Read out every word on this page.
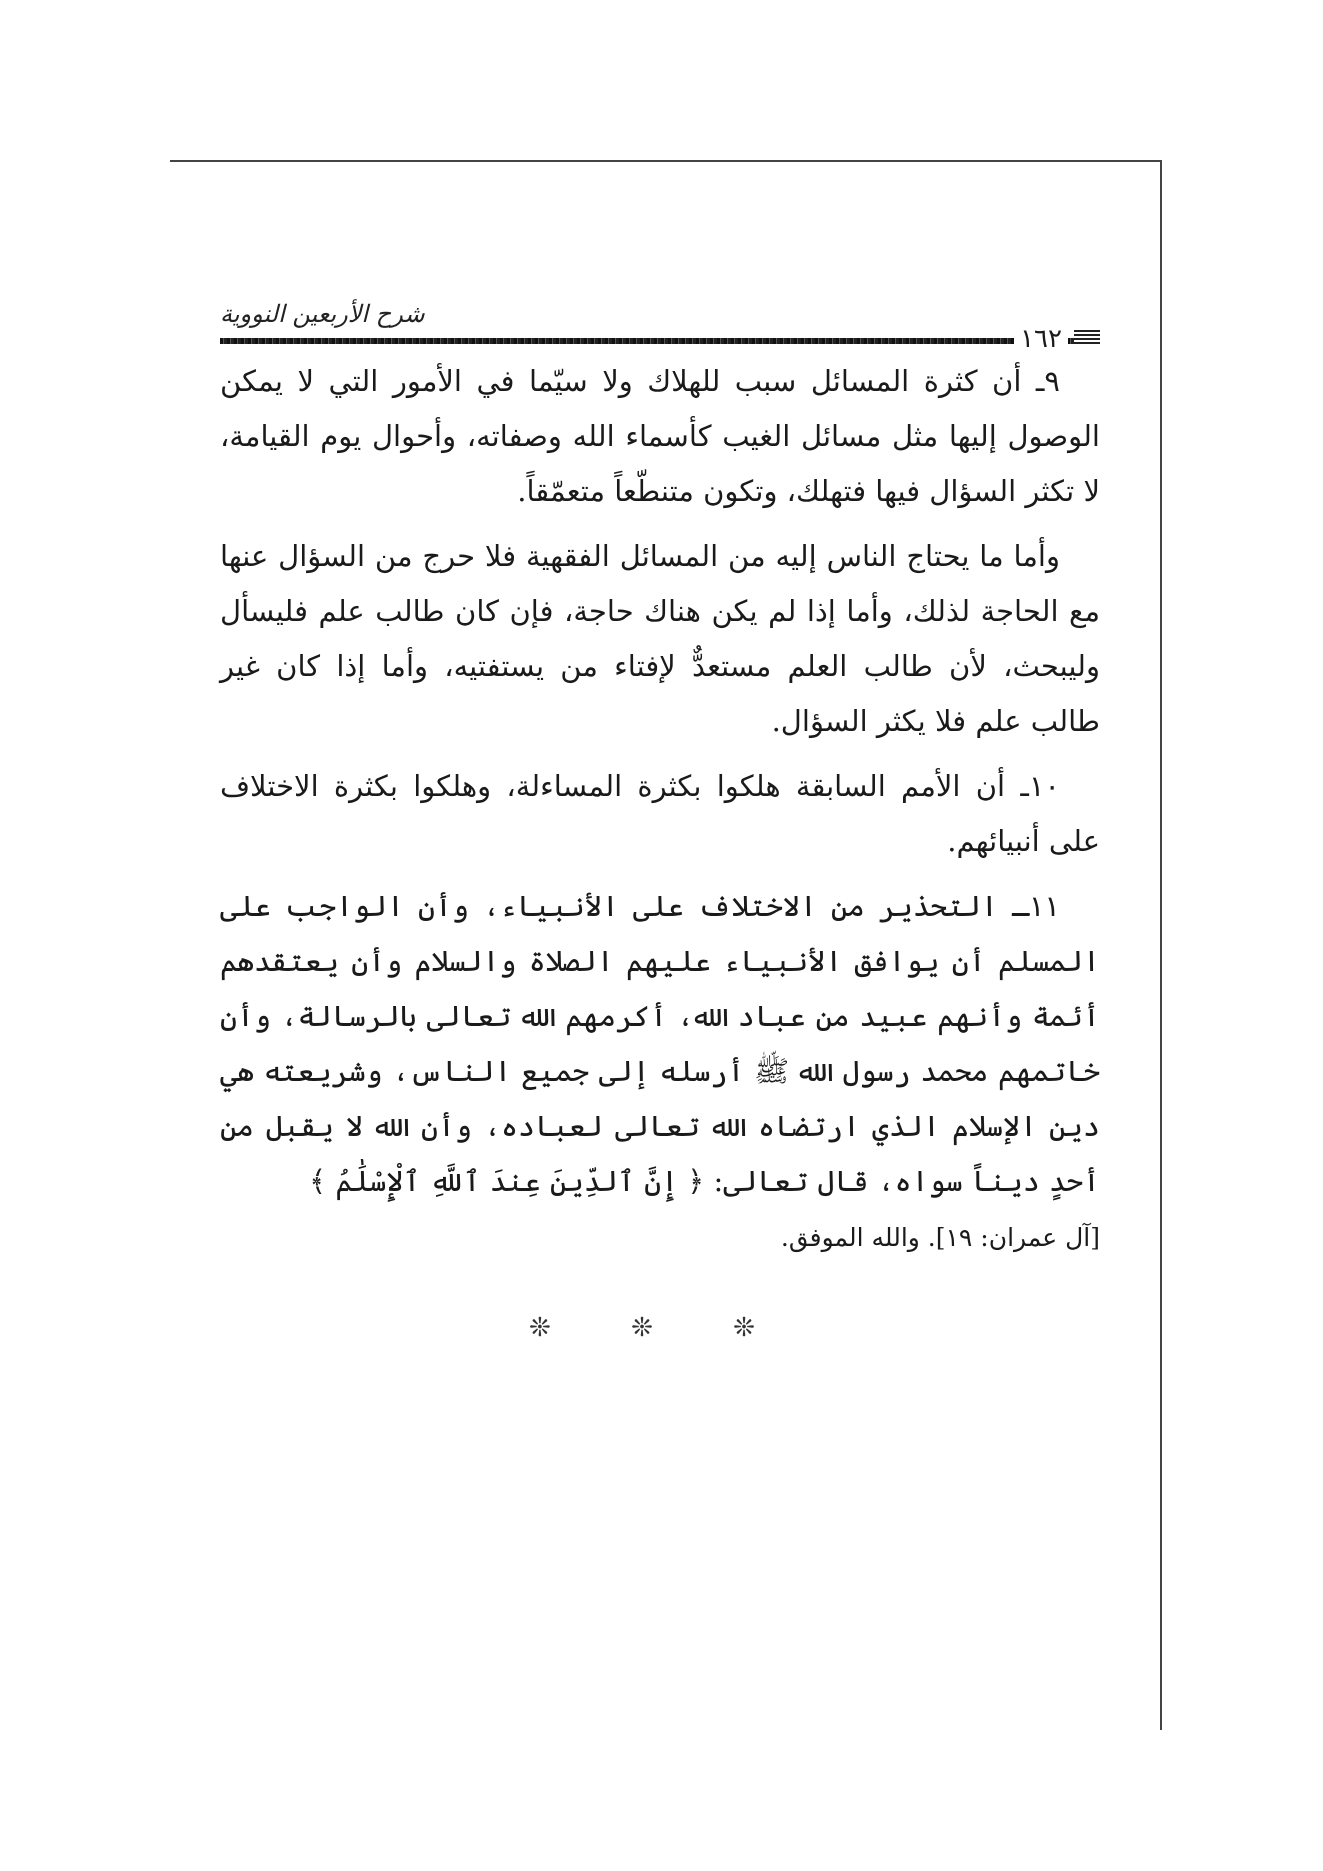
شرح الأربعين النووية
١٦٢

٩ـ أن كثرة المسائل سبب للهلاك ولا سيّما في الأمور التي لا يمكن الوصول إليها مثل مسائل الغيب كأسماء الله وصفاته، وأحوال يوم القيامة، لا تكثر السؤال فيها فتهلك، وتكون متنطّعاً متعمّقاً.

وأما ما يحتاج الناس إليه من المسائل الفقهية فلا حرج من السؤال عنها مع الحاجة لذلك، وأما إذا لم يكن هناك حاجة، فإن كان طالب علم فليسأل وليبحث، لأن طالب العلم مستعدٌّ لإفتاء من يستفتيه، وأما إذا كان غير طالب علم فلا يكثر السؤال.

١٠ـ أن الأمم السابقة هلكوا بكثرة المساءلة، وهلكوا بكثرة الاختلاف على أنبيائهم.

١١ـ التحذير من الاختلاف على الأنبياء، وأن الواجب على المسلم أن يوافق الأنبياء عليهم الصلاة والسلام وأن يعتقدهم أئمة وأنهم عبيد من عباد الله، أكرمهم الله تعالى بالرسالة، وأن خاتمهم محمد رسول الله ﷺ أرسله إلى جميع الناس، وشريعته هي دين الإسلام الذي ارتضاه الله تعالى لعباده، وأن الله لا يقبل من أحدٍ ديناً سواه، قال تعالى: ﴿ إِنَّ ٱلدِّينَ عِندَ ٱللَّهِ ٱلْإِسْلَٰمُ ﴾
[آل عمران: ١٩]. والله الموفق.

❊ ❊ ❊
